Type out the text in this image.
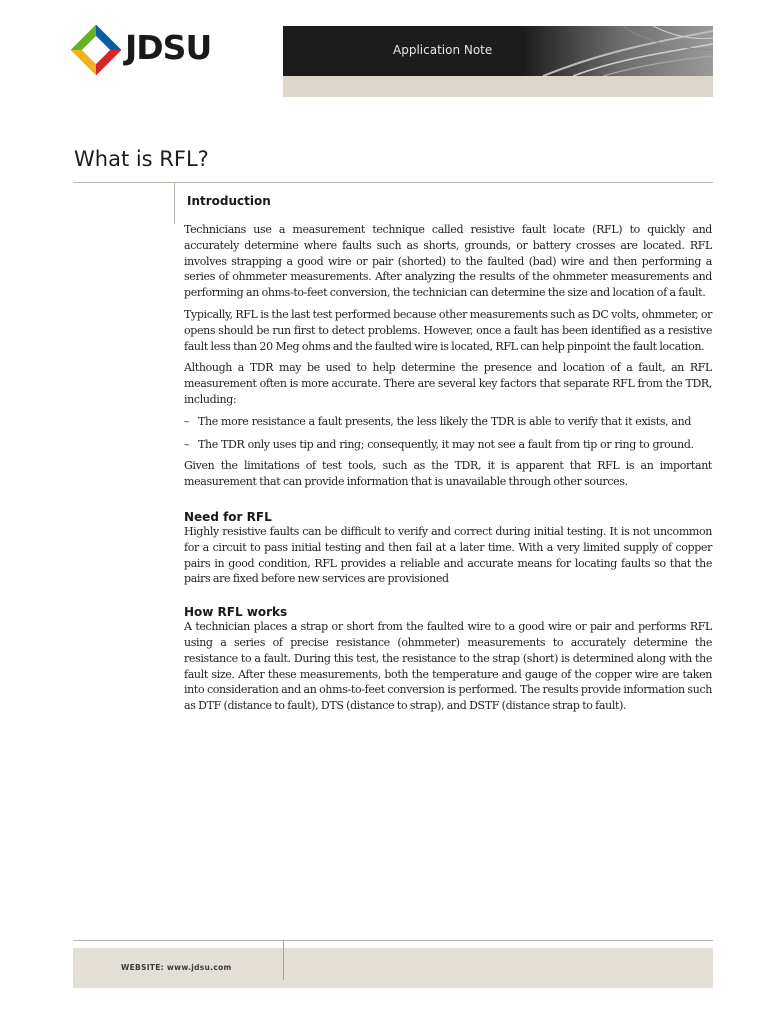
JDSU	Application Note
What is RFL?
Introduction

Technicians use a measurement technique called resistive fault locate (RFL) to quickly and accurately determine where faults such as shorts, grounds, or battery crosses are located. RFL involves strapping a good wire or pair (shorted) to the faulted (bad) wire and then performing a series of ohmmeter measurements. After analyzing the results of the ohmmeter measurements and performing an ohms-to-feet conversion, the technician can determine the size and location of a fault.

Typically, RFL is the last test performed because other measurements such as DC volts, ohmmeter, or opens should be run first to detect problems. However, once a fault has been identified as a resistive fault less than 20 Meg ohms and the faulted wire is located, RFL can help pinpoint the fault location.

Although a TDR may be used to help determine the presence and location of a fault, an RFL measurement often is more accurate. There are several key factors that separate RFL from the TDR, including:

– The more resistance a fault presents, the less likely the TDR is able to verify that it exists, and
– The TDR only uses tip and ring; consequently, it may not see a fault from tip or ring to ground.

Given the limitations of test tools, such as the TDR, it is apparent that RFL is an important measurement that can provide information that is unavailable through other sources.

Need for RFL

Highly resistive faults can be difficult to verify and correct during initial testing. It is not uncommon for a circuit to pass initial testing and then fail at a later time. With a very limited supply of copper pairs in good condition, RFL provides a reliable and accurate means for locating faults so that the pairs are fixed before new services are provisioned

How RFL works

A technician places a strap or short from the faulted wire to a good wire or pair and performs RFL using a series of precise resistance (ohmmeter) measurements to accurately determine the resistance to a fault. During this test, the resistance to the strap (short) is determined along with the fault size. After these measurements, both the temperature and gauge of the copper wire are taken into consideration and an ohms-to-feet conversion is performed. The results provide information such as DTF (distance to fault), DTS (distance to strap), and DSTF (distance strap to fault).

WEBSITE: www.jdsu.com
